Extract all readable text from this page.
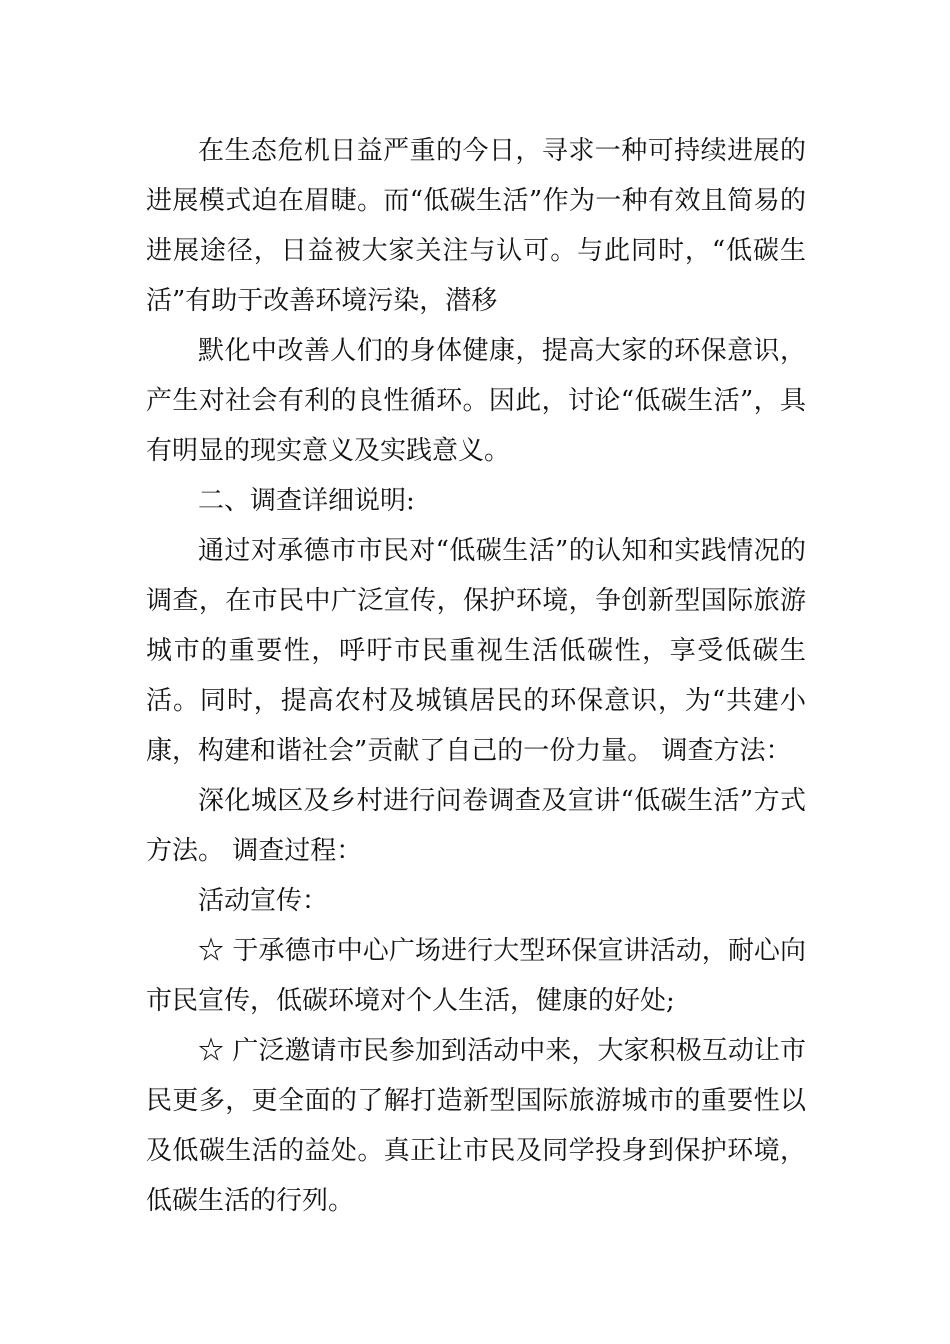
在生态危机日益严重的今日，寻求一种可持续进展的进展模式迫在眉睫。而“低碳生活”作为一种有效且简易的进展途径，日益被大家关注与认可。与此同时，“低碳生活”有助于改善环境污染，潜移

默化中改善人们的身体健康，提高大家的环保意识，产生对社会有利的良性循环。因此，讨论“低碳生活”，具有明显的现实意义及实践意义。

二、调查详细说明:

通过对承德市市民对“低碳生活”的认知和实践情况的调查，在市民中广泛宣传，保护环境，争创新型国际旅游城市的重要性，呼吁市民重视生活低碳性，享受低碳生活。同时，提高农村及城镇居民的环保意识，为“共建小康，构建和谐社会”贡献了自己的一份力量。 调查方法：

深化城区及乡村进行问卷调查及宣讲“低碳生活”方式方法。 调查过程：

活动宣传：

☆ 于承德市中心广场进行大型环保宣讲活动，耐心向市民宣传，低碳环境对个人生活，健康的好处;

☆ 广泛邀请市民参加到活动中来，大家积极互动让市民更多，更全面的了解打造新型国际旅游城市的重要性以及低碳生活的益处。真正让市民及同学投身到保护环境，低碳生活的行列。
